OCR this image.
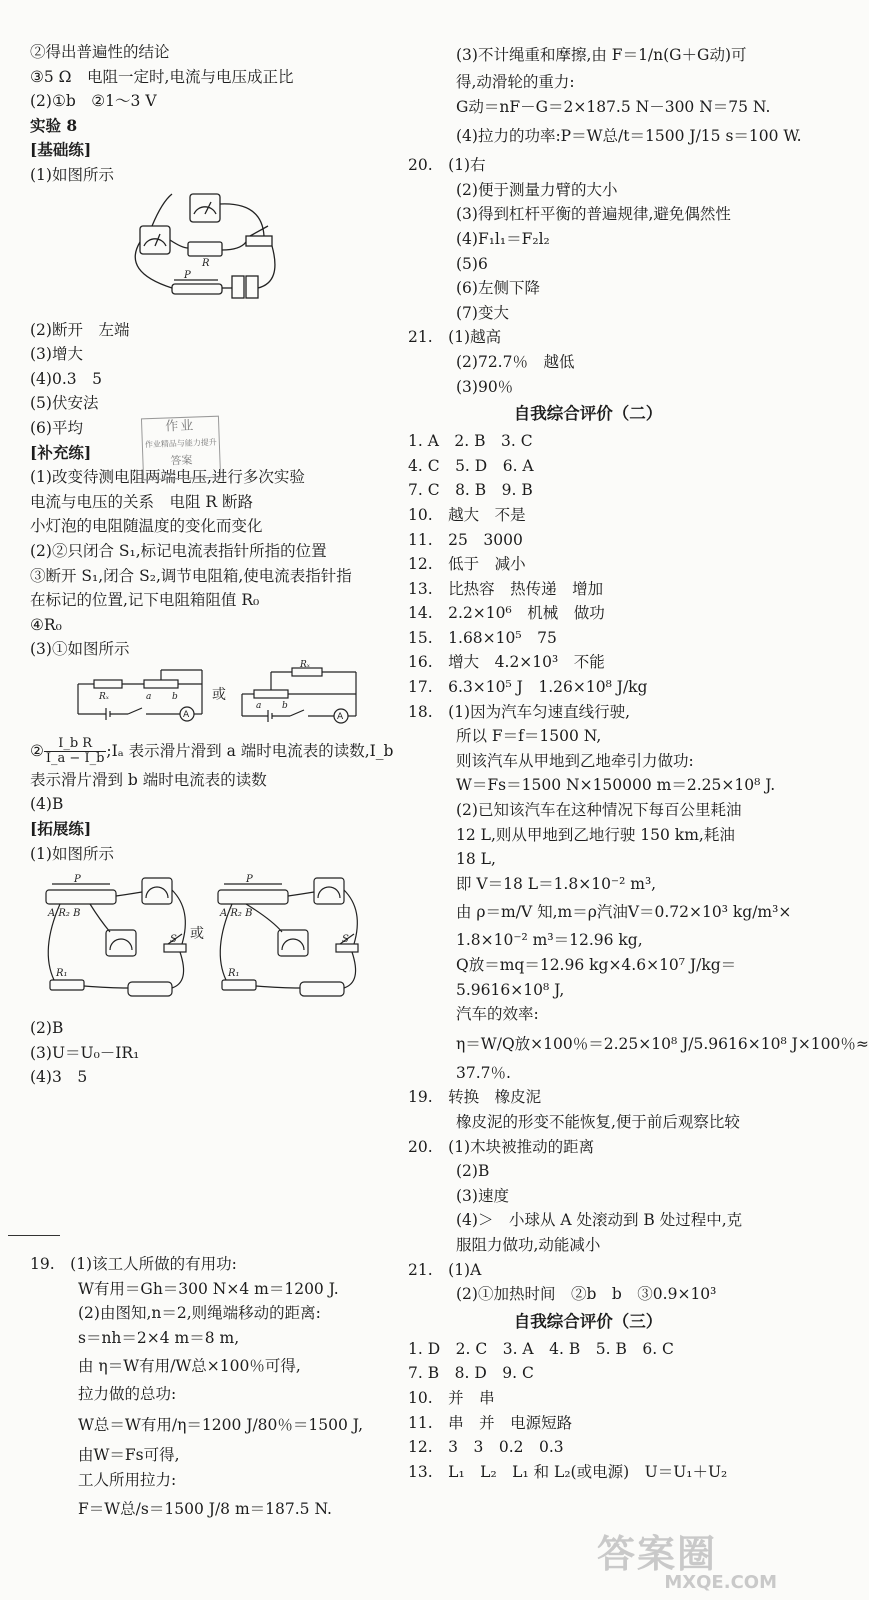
②得出普遍性的结论
③5 Ω　电阻一定时,电流与电压成正比
(2)①b　②1～3 V
实验 8
[基础练]
(1)如图所示
R
P
(2)断开　左端
(3)增大
(4)0.3　5
(5)伏安法
(6)平均
[补充练]
(1)改变待测电阻两端电压,进行多次实验
电流与电压的关系　电阻 R 断路
小灯泡的电阻随温度的变化而变化
(2)②只闭合 S₁,标记电流表指针所指的位置
③断开 S₁,闭合 S₂,调节电阻箱,使电流表指针指
在标记的位置,记下电阻箱阻值 R₀
④R₀
(3)①如图所示
Rₓ	a b
A
或
Rₓ
a b
A
② $\frac{\text{I\_b R}}{I\_a - I\_b}$ ;Iₐ 表示滑片滑到 a 端时电流表的读数,I_b
表示滑片滑到 b 端时电流表的读数
(4)B
[拓展练]
(1)如图所示
P
A R₂ B
R₁
S
P
A R₂ B
R₁
S
或
(2)B
(3)U＝U₀－IR₁
(4)3　5
19.　(1)该工人所做的有用功:
W有用＝Gh＝300 N×4 m＝1200 J.
(2)由图知,n＝2,则绳端移动的距离:
s＝nh＝2×4 m＝8 m,
由 η＝W有用/W总×100％可得,
拉力做的总功:
W总＝W有用/η＝1200 J/80％＝1500 J,
由W＝Fs可得,
工人所用拉力:
F＝W总/s＝1500 J/8 m＝187.5 N.
作业
作业精品与能力提升
答案
(3)不计绳重和摩擦,由 F＝1/n(G＋G动)可
得,动滑轮的重力:
G动＝nF－G＝2×187.5 N－300 N＝75 N.
(4)拉力的功率:P＝W总/t＝1500 J/15 s＝100 W.
20.　(1)右
(2)便于测量力臂的大小
(3)得到杠杆平衡的普遍规律,避免偶然性
(4)F₁l₁＝F₂l₂
(5)6
(6)左侧下降
(7)变大
21.　(1)越高
(2)72.7％　越低
(3)90％
自我综合评价（二）
1. A　2. B　3. C
4. C　5. D　6. A
7. C　8. B　9. B
10.　越大　不是
11.　25　3000
12.　低于　减小
13.　比热容　热传递　增加
14.　2.2×10⁶　机械　做功
15.　1.68×10⁵　75
16.　增大　4.2×10³　不能
17.　6.3×10⁵ J　1.26×10⁸ J/kg
18.　(1)因为汽车匀速直线行驶,
所以 F＝f＝1500 N,
则该汽车从甲地到乙地牵引力做功:
W＝Fs＝1500 N×150000 m＝2.25×10⁸ J.
(2)已知该汽车在这种情况下每百公里耗油
12 L,则从甲地到乙地行驶 150 km,耗油
18 L,
即 V＝18 L＝1.8×10⁻² m³,
由 ρ＝m/V 知,m＝ρ汽油V＝0.72×10³ kg/m³×
1.8×10⁻² m³＝12.96 kg,
Q放＝mq＝12.96 kg×4.6×10⁷ J/kg＝
5.9616×10⁸ J,
汽车的效率:
η＝W/Q放×100％＝2.25×10⁸ J/5.9616×10⁸ J×100％≈
37.7％.
19.　转换　橡皮泥
橡皮泥的形变不能恢复,便于前后观察比较
20.　(1)木块被推动的距离
(2)B
(3)速度
(4)＞　小球从 A 处滚动到 B 处过程中,克
服阻力做功,动能减小
21.　(1)A
(2)①加热时间　②b　b　③0.9×10³
自我综合评价（三）
1. D　2. C　3. A　4. B　5. B　6. C
7. B　8. D　9. C
10.　并　串
11.　串　并　电源短路
12.　3　3　0.2　0.3
13.　L₁　L₂　L₁ 和 L₂(或电源)　U＝U₁＋U₂
答案圈
MXQE.COM
